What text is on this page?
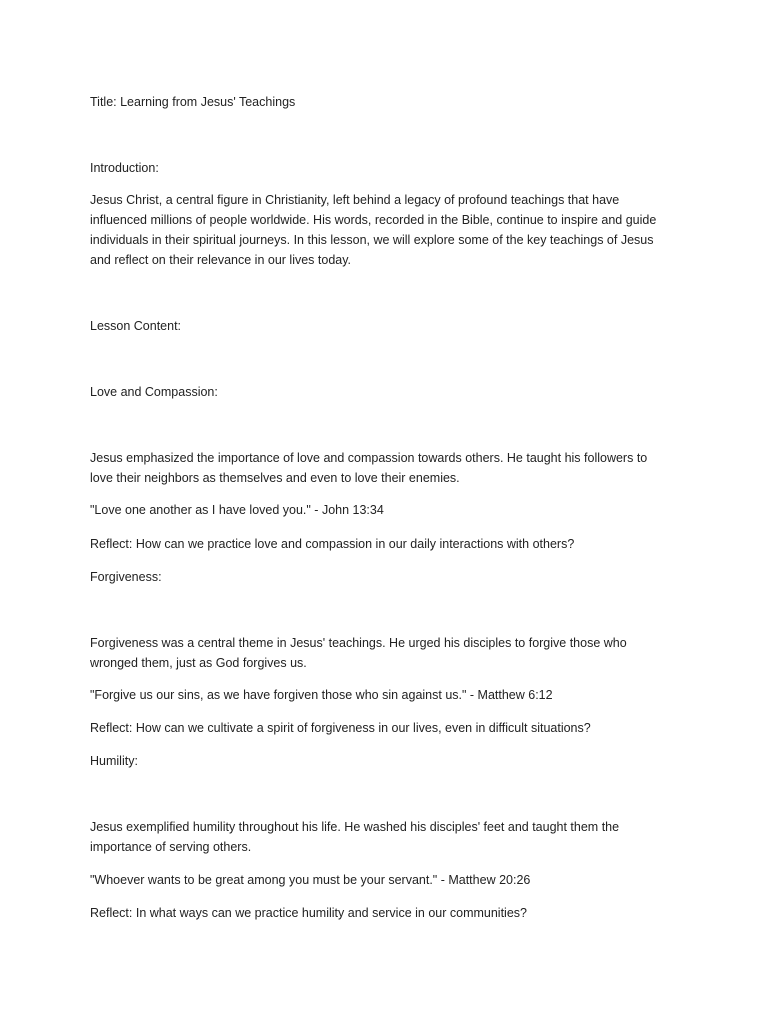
Title: Learning from Jesus' Teachings

Introduction:

Jesus Christ, a central figure in Christianity, left behind a legacy of profound teachings that have influenced millions of people worldwide. His words, recorded in the Bible, continue to inspire and guide individuals in their spiritual journeys. In this lesson, we will explore some of the key teachings of Jesus and reflect on their relevance in our lives today.

Lesson Content:

Love and Compassion:

Jesus emphasized the importance of love and compassion towards others. He taught his followers to love their neighbors as themselves and even to love their enemies.

"Love one another as I have loved you." - John 13:34

Reflect: How can we practice love and compassion in our daily interactions with others?

Forgiveness:

Forgiveness was a central theme in Jesus' teachings. He urged his disciples to forgive those who wronged them, just as God forgives us.

"Forgive us our sins, as we have forgiven those who sin against us." - Matthew 6:12

Reflect: How can we cultivate a spirit of forgiveness in our lives, even in difficult situations?

Humility:

Jesus exemplified humility throughout his life. He washed his disciples' feet and taught them the importance of serving others.

"Whoever wants to be great among you must be your servant." - Matthew 20:26

Reflect: In what ways can we practice humility and service in our communities?
